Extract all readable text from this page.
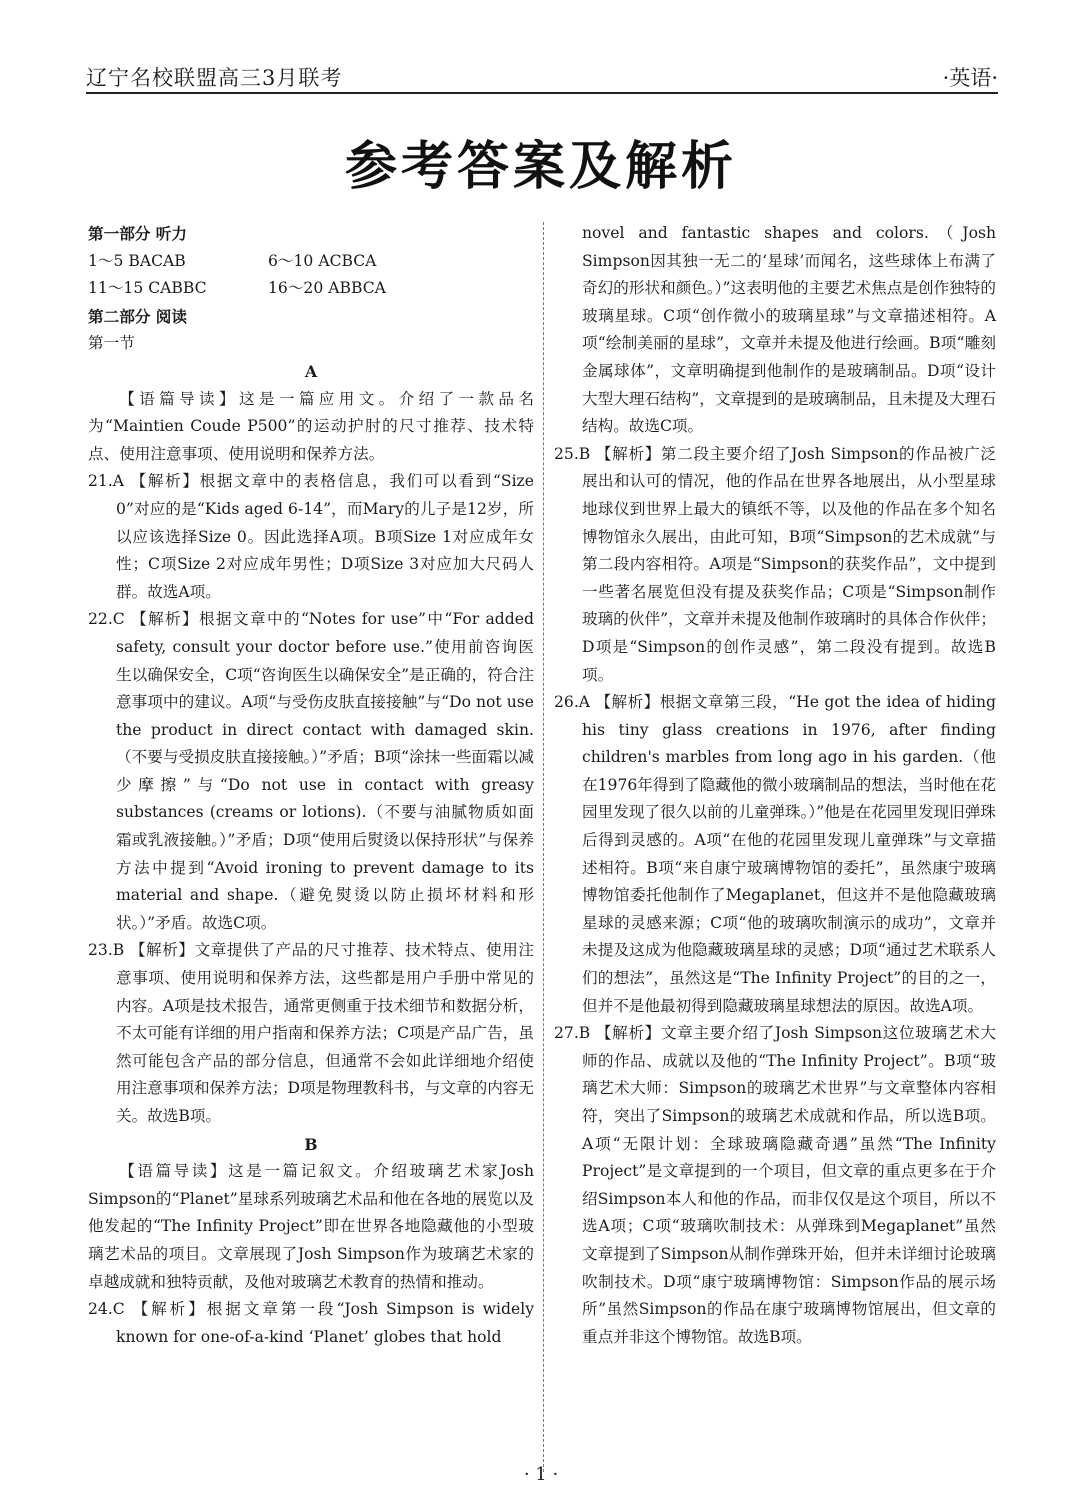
辽宁名校联盟高三3月联考	·英语·
参考答案及解析

第一部分 听力

1～5 BACAB	6～10 ACBCA
11～15 CABBC	16～20 ABBCA

第二部分 阅读

第一节

A

【语篇导读】这是一篇应用文。介绍了一款品名为“Maintien Coude P500”的运动护肘的尺寸推荐、技术特点、使用注意事项、使用说明和保养方法。

21.A 【解析】根据文章中的表格信息，我们可以看到“Size 0”对应的是“Kids aged 6-14”，而Mary的儿子是12岁，所以应该选择Size 0。因此选择A项。B项Size 1对应成年女性；C项Size 2对应成年男性；D项Size 3对应加大尺码人群。故选A项。

22.C 【解析】根据文章中的“Notes for use”中“For added safety, consult your doctor before use.”使用前咨询医生以确保安全，C项“咨询医生以确保安全”是正确的，符合注意事项中的建议。A项“与受伤皮肤直接接触”与“Do not use the product in direct contact with damaged skin.（不要与受损皮肤直接接触。）”矛盾；B项“涂抹一些面霜以减少摩擦”与“Do not use in contact with greasy substances (creams or lotions).（不要与油腻物质如面霜或乳液接触。）”矛盾；D项“使用后熨烫以保持形状”与保养方法中提到“Avoid ironing to prevent damage to its material and shape.（避免熨烫以防止损坏材料和形状。）”矛盾。故选C项。

23.B 【解析】文章提供了产品的尺寸推荐、技术特点、使用注意事项、使用说明和保养方法，这些都是用户手册中常见的内容。A项是技术报告，通常更侧重于技术细节和数据分析，不太可能有详细的用户指南和保养方法；C项是产品广告，虽然可能包含产品的部分信息，但通常不会如此详细地介绍使用注意事项和保养方法；D项是物理教科书，与文章的内容无关。故选B项。

B

【语篇导读】这是一篇记叙文。介绍玻璃艺术家Josh Simpson的“Planet”星球系列玻璃艺术品和他在各地的展览以及他发起的“The Infinity Project”即在世界各地隐藏他的小型玻璃艺术品的项目。文章展现了Josh Simpson作为玻璃艺术家的卓越成就和独特贡献，及他对玻璃艺术教育的热情和推动。

24.C 【解析】根据文章第一段“Josh Simpson is widely known for one-of-a-kind ‘Planet’ globes that hold

novel and fantastic shapes and colors.（Josh Simpson因其独一无二的‘星球’而闻名，这些球体上布满了奇幻的形状和颜色。）”这表明他的主要艺术焦点是创作独特的玻璃星球。C项“创作微小的玻璃星球”与文章描述相符。A项“绘制美丽的星球”，文章并未提及他进行绘画。B项“雕刻金属球体”，文章明确提到他制作的是玻璃制品。D项“设计大型大理石结构”，文章提到的是玻璃制品，且未提及大理石结构。故选C项。

25.B 【解析】第二段主要介绍了Josh Simpson的作品被广泛展出和认可的情况，他的作品在世界各地展出，从小型星球地球仪到世界上最大的镇纸不等，以及他的作品在多个知名博物馆永久展出，由此可知，B项“Simpson的艺术成就”与第二段内容相符。A项是“Simpson的获奖作品”，文中提到一些著名展览但没有提及获奖作品；C项是“Simpson制作玻璃的伙伴”，文章并未提及他制作玻璃时的具体合作伙伴；D项是“Simpson的创作灵感”，第二段没有提到。故选B项。

26.A 【解析】根据文章第三段，“He got the idea of hiding his tiny glass creations in 1976, after finding children's marbles from long ago in his garden.（他在1976年得到了隐藏他的微小玻璃制品的想法，当时他在花园里发现了很久以前的儿童弹珠。）”他是在花园里发现旧弹珠后得到灵感的。A项“在他的花园里发现儿童弹珠”与文章描述相符。B项“来自康宁玻璃博物馆的委托”，虽然康宁玻璃博物馆委托他制作了Megaplanet，但这并不是他隐藏玻璃星球的灵感来源；C项“他的玻璃吹制演示的成功”，文章并未提及这成为他隐藏玻璃星球的灵感；D项“通过艺术联系人们的想法”，虽然这是“The Infinity Project”的目的之一，但并不是他最初得到隐藏玻璃星球想法的原因。故选A项。

27.B 【解析】文章主要介绍了Josh Simpson这位玻璃艺术大师的作品、成就以及他的“The Infinity Project”。B项“玻璃艺术大师：Simpson的玻璃艺术世界”与文章整体内容相符，突出了Simpson的玻璃艺术成就和作品，所以选B项。A项“无限计划：全球玻璃隐藏奇遇”虽然“The Infinity Project”是文章提到的一个项目，但文章的重点更多在于介绍Simpson本人和他的作品，而非仅仅是这个项目，所以不选A项；C项“玻璃吹制技术：从弹珠到Megaplanet”虽然文章提到了Simpson从制作弹珠开始，但并未详细讨论玻璃吹制技术。D项“康宁玻璃博物馆：Simpson作品的展示场所”虽然Simpson的作品在康宁玻璃博物馆展出，但文章的重点并非这个博物馆。故选B项。

· 1 ·
